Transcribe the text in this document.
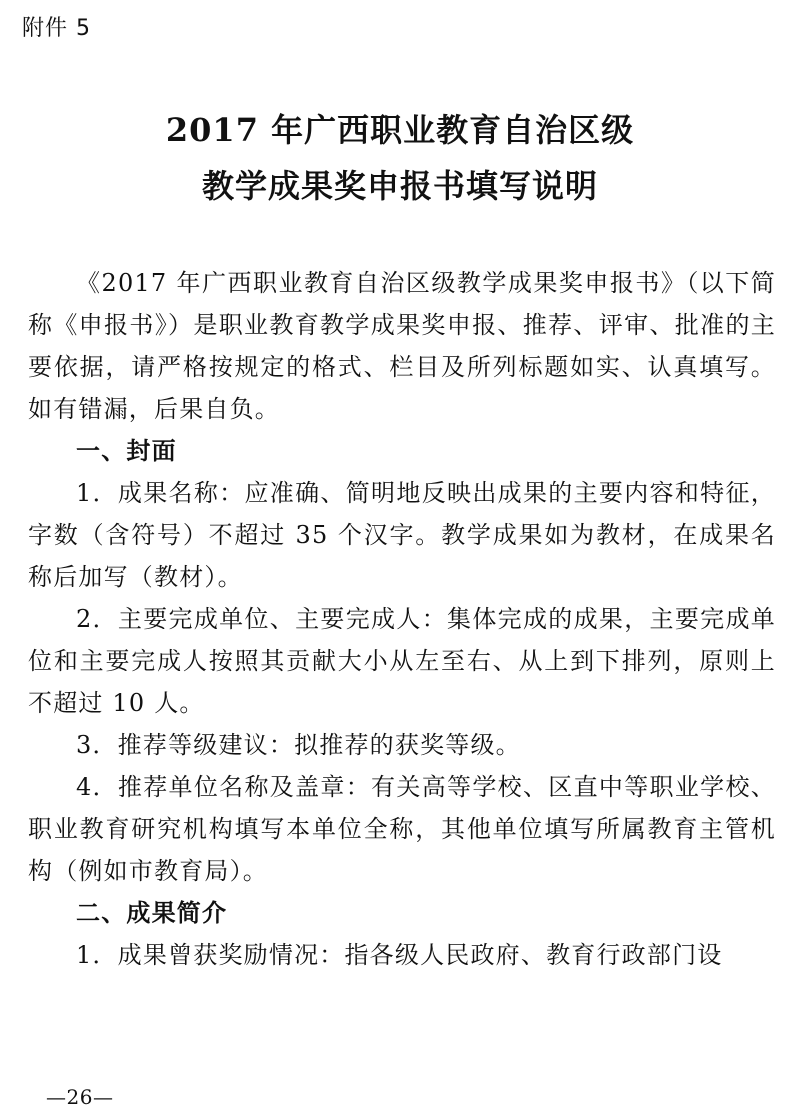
附件 5
2017 年广西职业教育自治区级
教学成果奖申报书填写说明

《2017 年广西职业教育自治区级教学成果奖申报书》（以下简称《申报书》）是职业教育教学成果奖申报、推荐、评审、批准的主要依据，请严格按规定的格式、栏目及所列标题如实、认真填写。如有错漏，后果自负。

一、封面

1．成果名称：应准确、简明地反映出成果的主要内容和特征，字数（含符号）不超过 35 个汉字。教学成果如为教材，在成果名称后加写（教材）。

2．主要完成单位、主要完成人：集体完成的成果，主要完成单位和主要完成人按照其贡献大小从左至右、从上到下排列，原则上不超过 10 人。

3．推荐等级建议：拟推荐的获奖等级。

4．推荐单位名称及盖章：有关高等学校、区直中等职业学校、职业教育研究机构填写本单位全称，其他单位填写所属教育主管机构（例如市教育局）。

二、成果简介

1．成果曾获奖励情况：指各级人民政府、教育行政部门设

—26—
